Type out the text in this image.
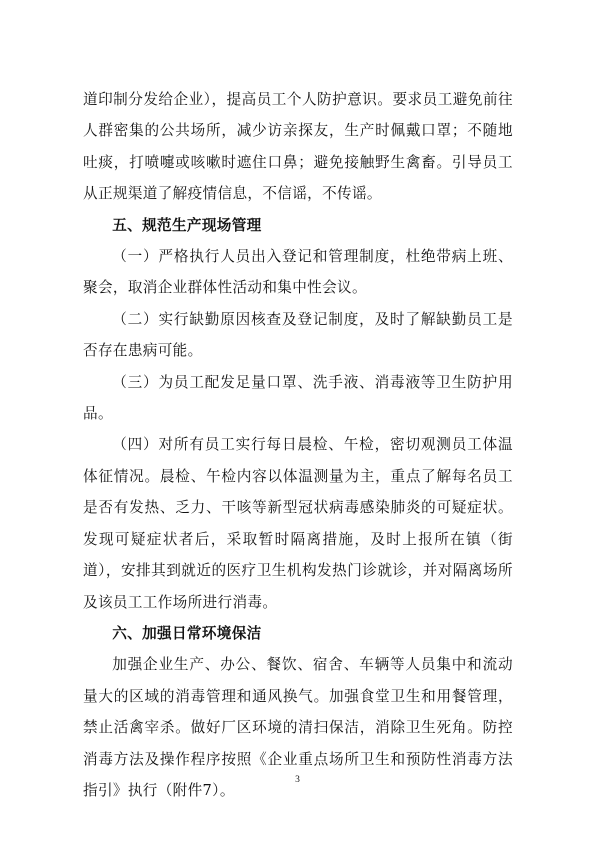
道印制分发给企业），提高员工个人防护意识。要求员工避免前往人群密集的公共场所，减少访亲探友，生产时佩戴口罩；不随地吐痰，打喷嚏或咳嗽时遮住口鼻；避免接触野生禽畜。引导员工从正规渠道了解疫情信息，不信谣，不传谣。

五、规范生产现场管理

（一）严格执行人员出入登记和管理制度，杜绝带病上班、聚会，取消企业群体性活动和集中性会议。

（二）实行缺勤原因核查及登记制度，及时了解缺勤员工是否存在患病可能。

（三）为员工配发足量口罩、洗手液、消毒液等卫生防护用品。

（四）对所有员工实行每日晨检、午检，密切观测员工体温体征情况。晨检、午检内容以体温测量为主，重点了解每名员工是否有发热、乏力、干咳等新型冠状病毒感染肺炎的可疑症状。发现可疑症状者后，采取暂时隔离措施，及时上报所在镇（街道），安排其到就近的医疗卫生机构发热门诊就诊，并对隔离场所及该员工工作场所进行消毒。

六、加强日常环境保洁

加强企业生产、办公、餐饮、宿舍、车辆等人员集中和流动量大的区域的消毒管理和通风换气。加强食堂卫生和用餐管理，禁止活禽宰杀。做好厂区环境的清扫保洁，消除卫生死角。防控消毒方法及操作程序按照《企业重点场所卫生和预防性消毒方法指引》执行（附件7）。

3
